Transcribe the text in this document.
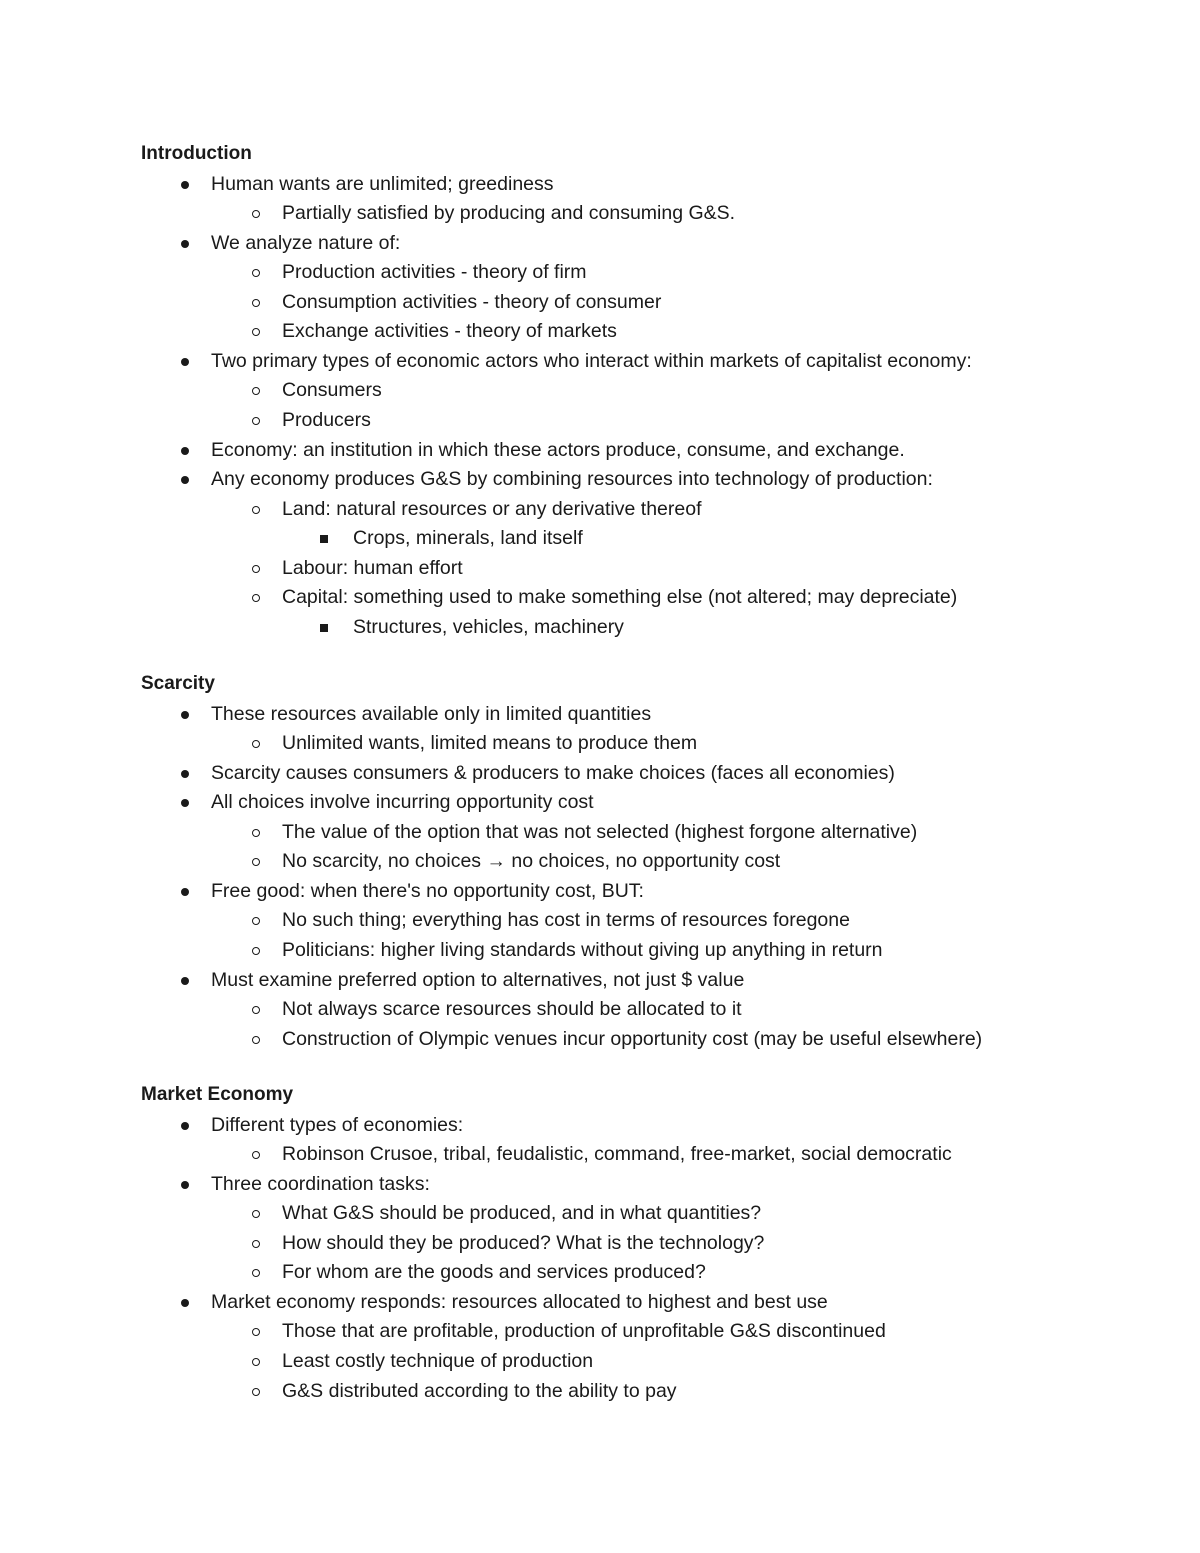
Introduction
Human wants are unlimited; greediness
Partially satisfied by producing and consuming G&S.
We analyze nature of:
Production activities - theory of firm
Consumption activities - theory of consumer
Exchange activities - theory of markets
Two primary types of economic actors who interact within markets of capitalist economy:
Consumers
Producers
Economy: an institution in which these actors produce, consume, and exchange.
Any economy produces G&S by combining resources into technology of production:
Land: natural resources or any derivative thereof
Crops, minerals, land itself
Labour: human effort
Capital: something used to make something else (not altered; may depreciate)
Structures, vehicles, machinery
Scarcity
These resources available only in limited quantities
Unlimited wants, limited means to produce them
Scarcity causes consumers & producers to make choices (faces all economies)
All choices involve incurring opportunity cost
The value of the option that was not selected (highest forgone alternative)
No scarcity, no choices → no choices, no opportunity cost
Free good: when there's no opportunity cost, BUT:
No such thing; everything has cost in terms of resources foregone
Politicians: higher living standards without giving up anything in return
Must examine preferred option to alternatives, not just $ value
Not always scarce resources should be allocated to it
Construction of Olympic venues incur opportunity cost (may be useful elsewhere)
Market Economy
Different types of economies:
Robinson Crusoe, tribal, feudalistic, command, free-market, social democratic
Three coordination tasks:
What G&S should be produced, and in what quantities?
How should they be produced? What is the technology?
For whom are the goods and services produced?
Market economy responds: resources allocated to highest and best use
Those that are profitable, production of unprofitable G&S discontinued
Least costly technique of production
G&S distributed according to the ability to pay
